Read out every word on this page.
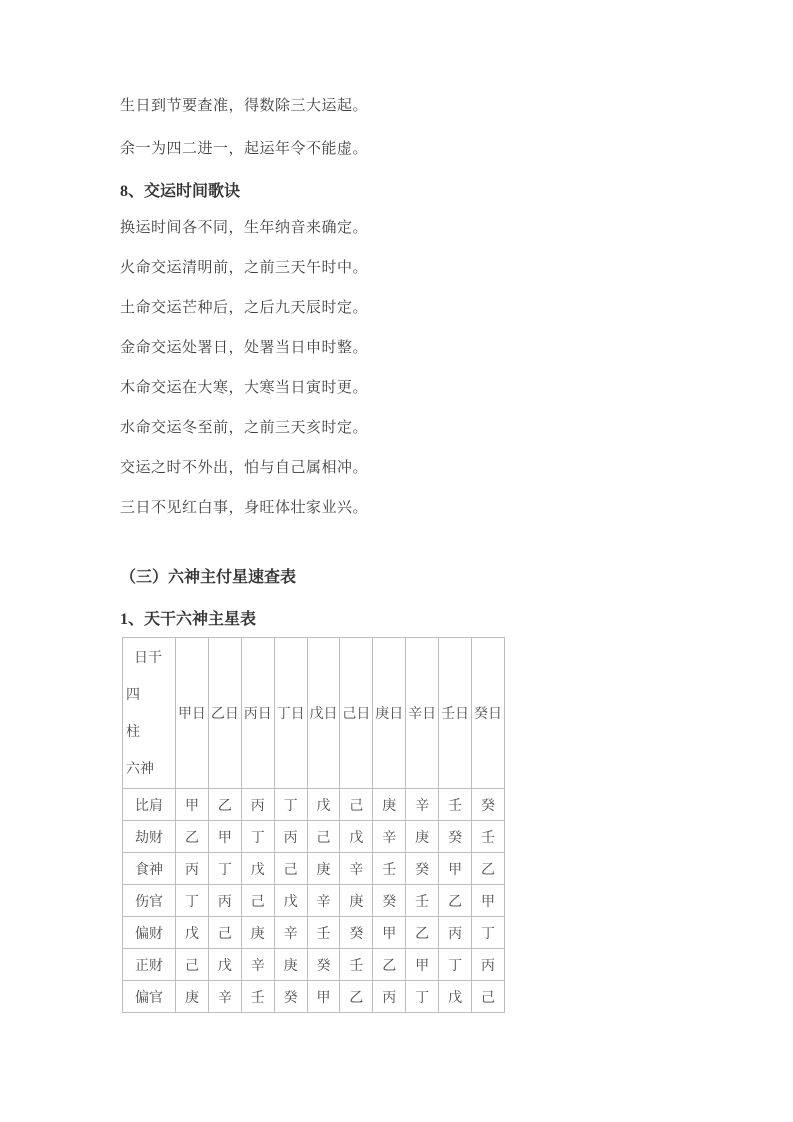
生日到节要查准，得数除三大运起。

余一为四二进一，起运年令不能虚。

8、交运时间歌诀

换运时间各不同，生年纳音来确定。

火命交运清明前，之前三天午时中。

土命交运芒种后，之后九天辰时定。

金命交运处署日，处署当日申时整。

木命交运在大寒，大寒当日寅时更。

水命交运冬至前，之前三天亥时定。

交运之时不外出，怕与自己属相冲。

三日不见红白事，身旺体壮家业兴。

（三）六神主付星速查表
1、天干六神主星表
日干
四
柱
六神	甲日	乙日	丙日	丁日	戊日	己日	庚日	辛日	壬日	癸日
比肩	甲	乙	丙	丁	戊	己	庚	辛	壬	癸
劫财	乙	甲	丁	丙	己	戊	辛	庚	癸	壬
食神	丙	丁	戊	己	庚	辛	壬	癸	甲	乙
伤官	丁	丙	己	戊	辛	庚	癸	壬	乙	甲
偏财	戊	己	庚	辛	壬	癸	甲	乙	丙	丁
正财	己	戊	辛	庚	癸	壬	乙	甲	丁	丙
偏官	庚	辛	壬	癸	甲	乙	丙	丁	戊	己
